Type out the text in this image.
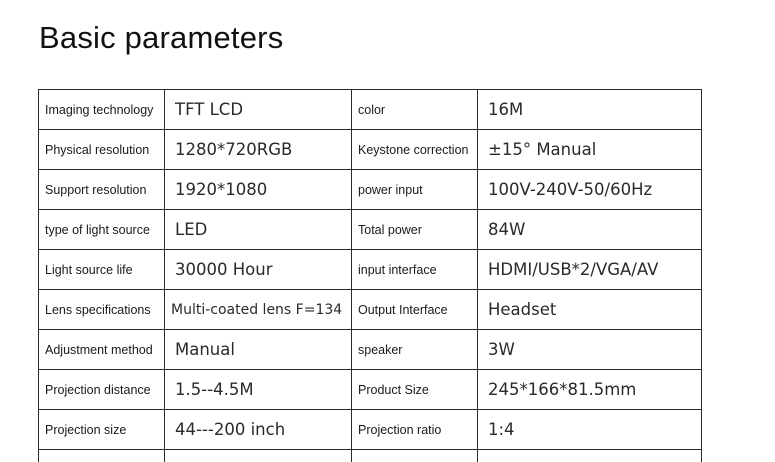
Basic parameters
Imaging technology	TFT LCD	color	16M
Physical resolution	1280*720RGB	Keystone correction	±15° Manual
Support resolution	1920*1080	power input	100V-240V-50/60Hz
type of light source	LED	Total power	84W
Light source life	30000 Hour	input interface	HDMI/USB*2/VGA/AV
Lens specifications	Multi-coated lens F=134	Output Interface	Headset
Adjustment method	Manual	speaker	3W
Projection distance	1.5--4.5M	Product Size	245*166*81.5mm
Projection size	44---200 inch	Projection ratio	1:4
